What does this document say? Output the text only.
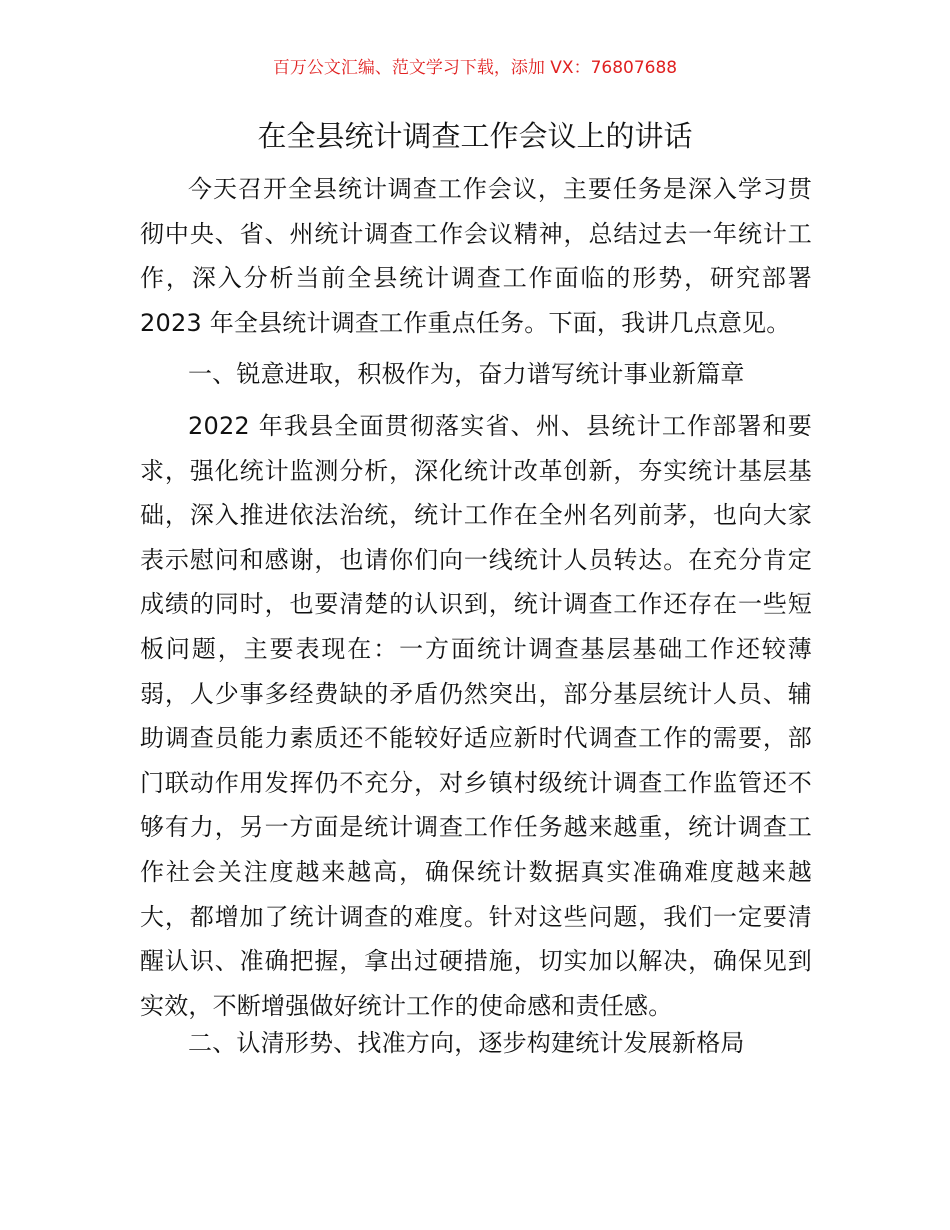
百万公文汇编、范文学习下载，添加 VX：76807688
在全县统计调查工作会议上的讲话

今天召开全县统计调查工作会议，主要任务是深入学习贯彻中央、省、州统计调查工作会议精神，总结过去一年统计工作，深入分析当前全县统计调查工作面临的形势，研究部署 2023 年全县统计调查工作重点任务。下面，我讲几点意见。

一、锐意进取，积极作为，奋力谱写统计事业新篇章

2022 年我县全面贯彻落实省、州、县统计工作部署和要求，强化统计监测分析，深化统计改革创新，夯实统计基层基础，深入推进依法治统，统计工作在全州名列前茅，也向大家表示慰问和感谢，也请你们向一线统计人员转达。在充分肯定成绩的同时，也要清楚的认识到，统计调查工作还存在一些短板问题，主要表现在：一方面统计调查基层基础工作还较薄弱，人少事多经费缺的矛盾仍然突出，部分基层统计人员、辅助调查员能力素质还不能较好适应新时代调查工作的需要，部门联动作用发挥仍不充分，对乡镇村级统计调查工作监管还不够有力，另一方面是统计调查工作任务越来越重，统计调查工作社会关注度越来越高，确保统计数据真实准确难度越来越大，都增加了统计调查的难度。针对这些问题，我们一定要清醒认识、准确把握，拿出过硬措施，切实加以解决，确保见到实效，不断增强做好统计工作的使命感和责任感。

二、认清形势、找准方向，逐步构建统计发展新格局
